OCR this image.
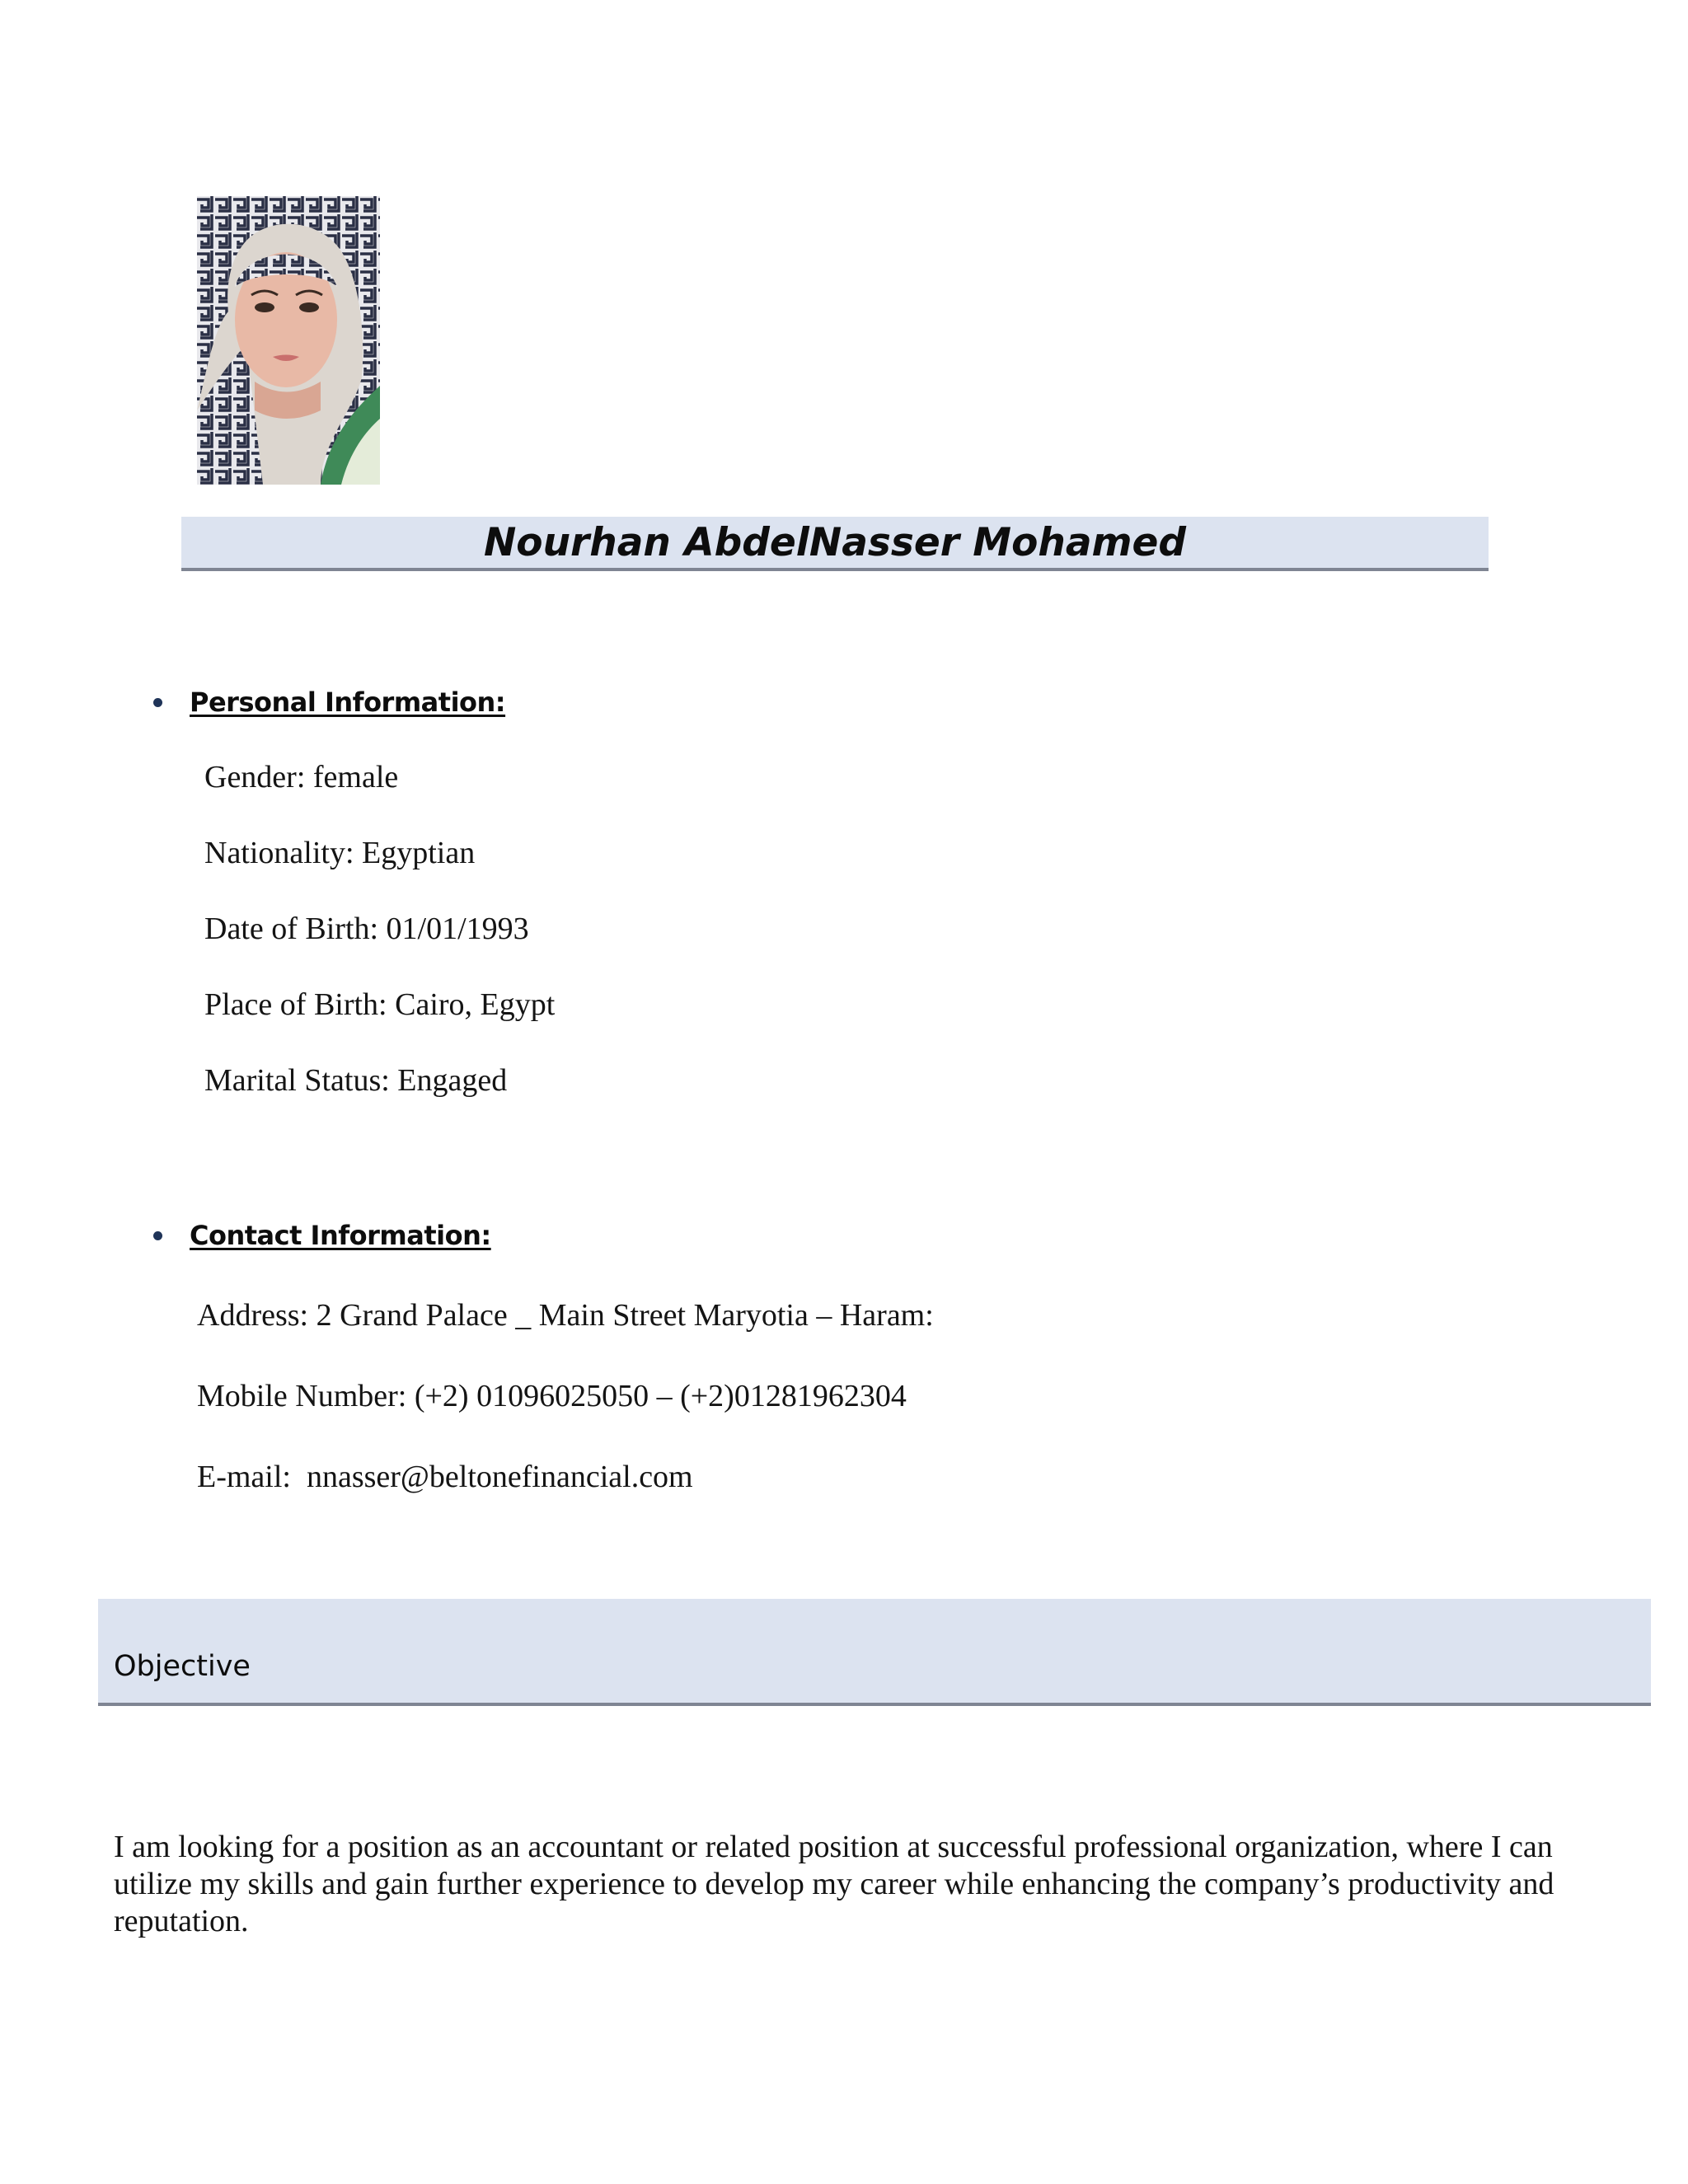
Nourhan AbdelNasser Mohamed
Personal Information:
Gender: female
Nationality: Egyptian
Date of Birth: 01/01/1993
Place of Birth: Cairo, Egypt
Marital Status: Engaged
Contact Information:
Address: 2 Grand Palace _ Main Street Maryotia – Haram:
Mobile Number: (+2) 01096025050 – (+2)01281962304
E-mail:  nnasser@beltonefinancial.com
Objective
I am looking for a position as an accountant or related position at successful professional organization, where I can utilize my skills and gain further experience to develop my career while enhancing the company’s productivity and reputation.
